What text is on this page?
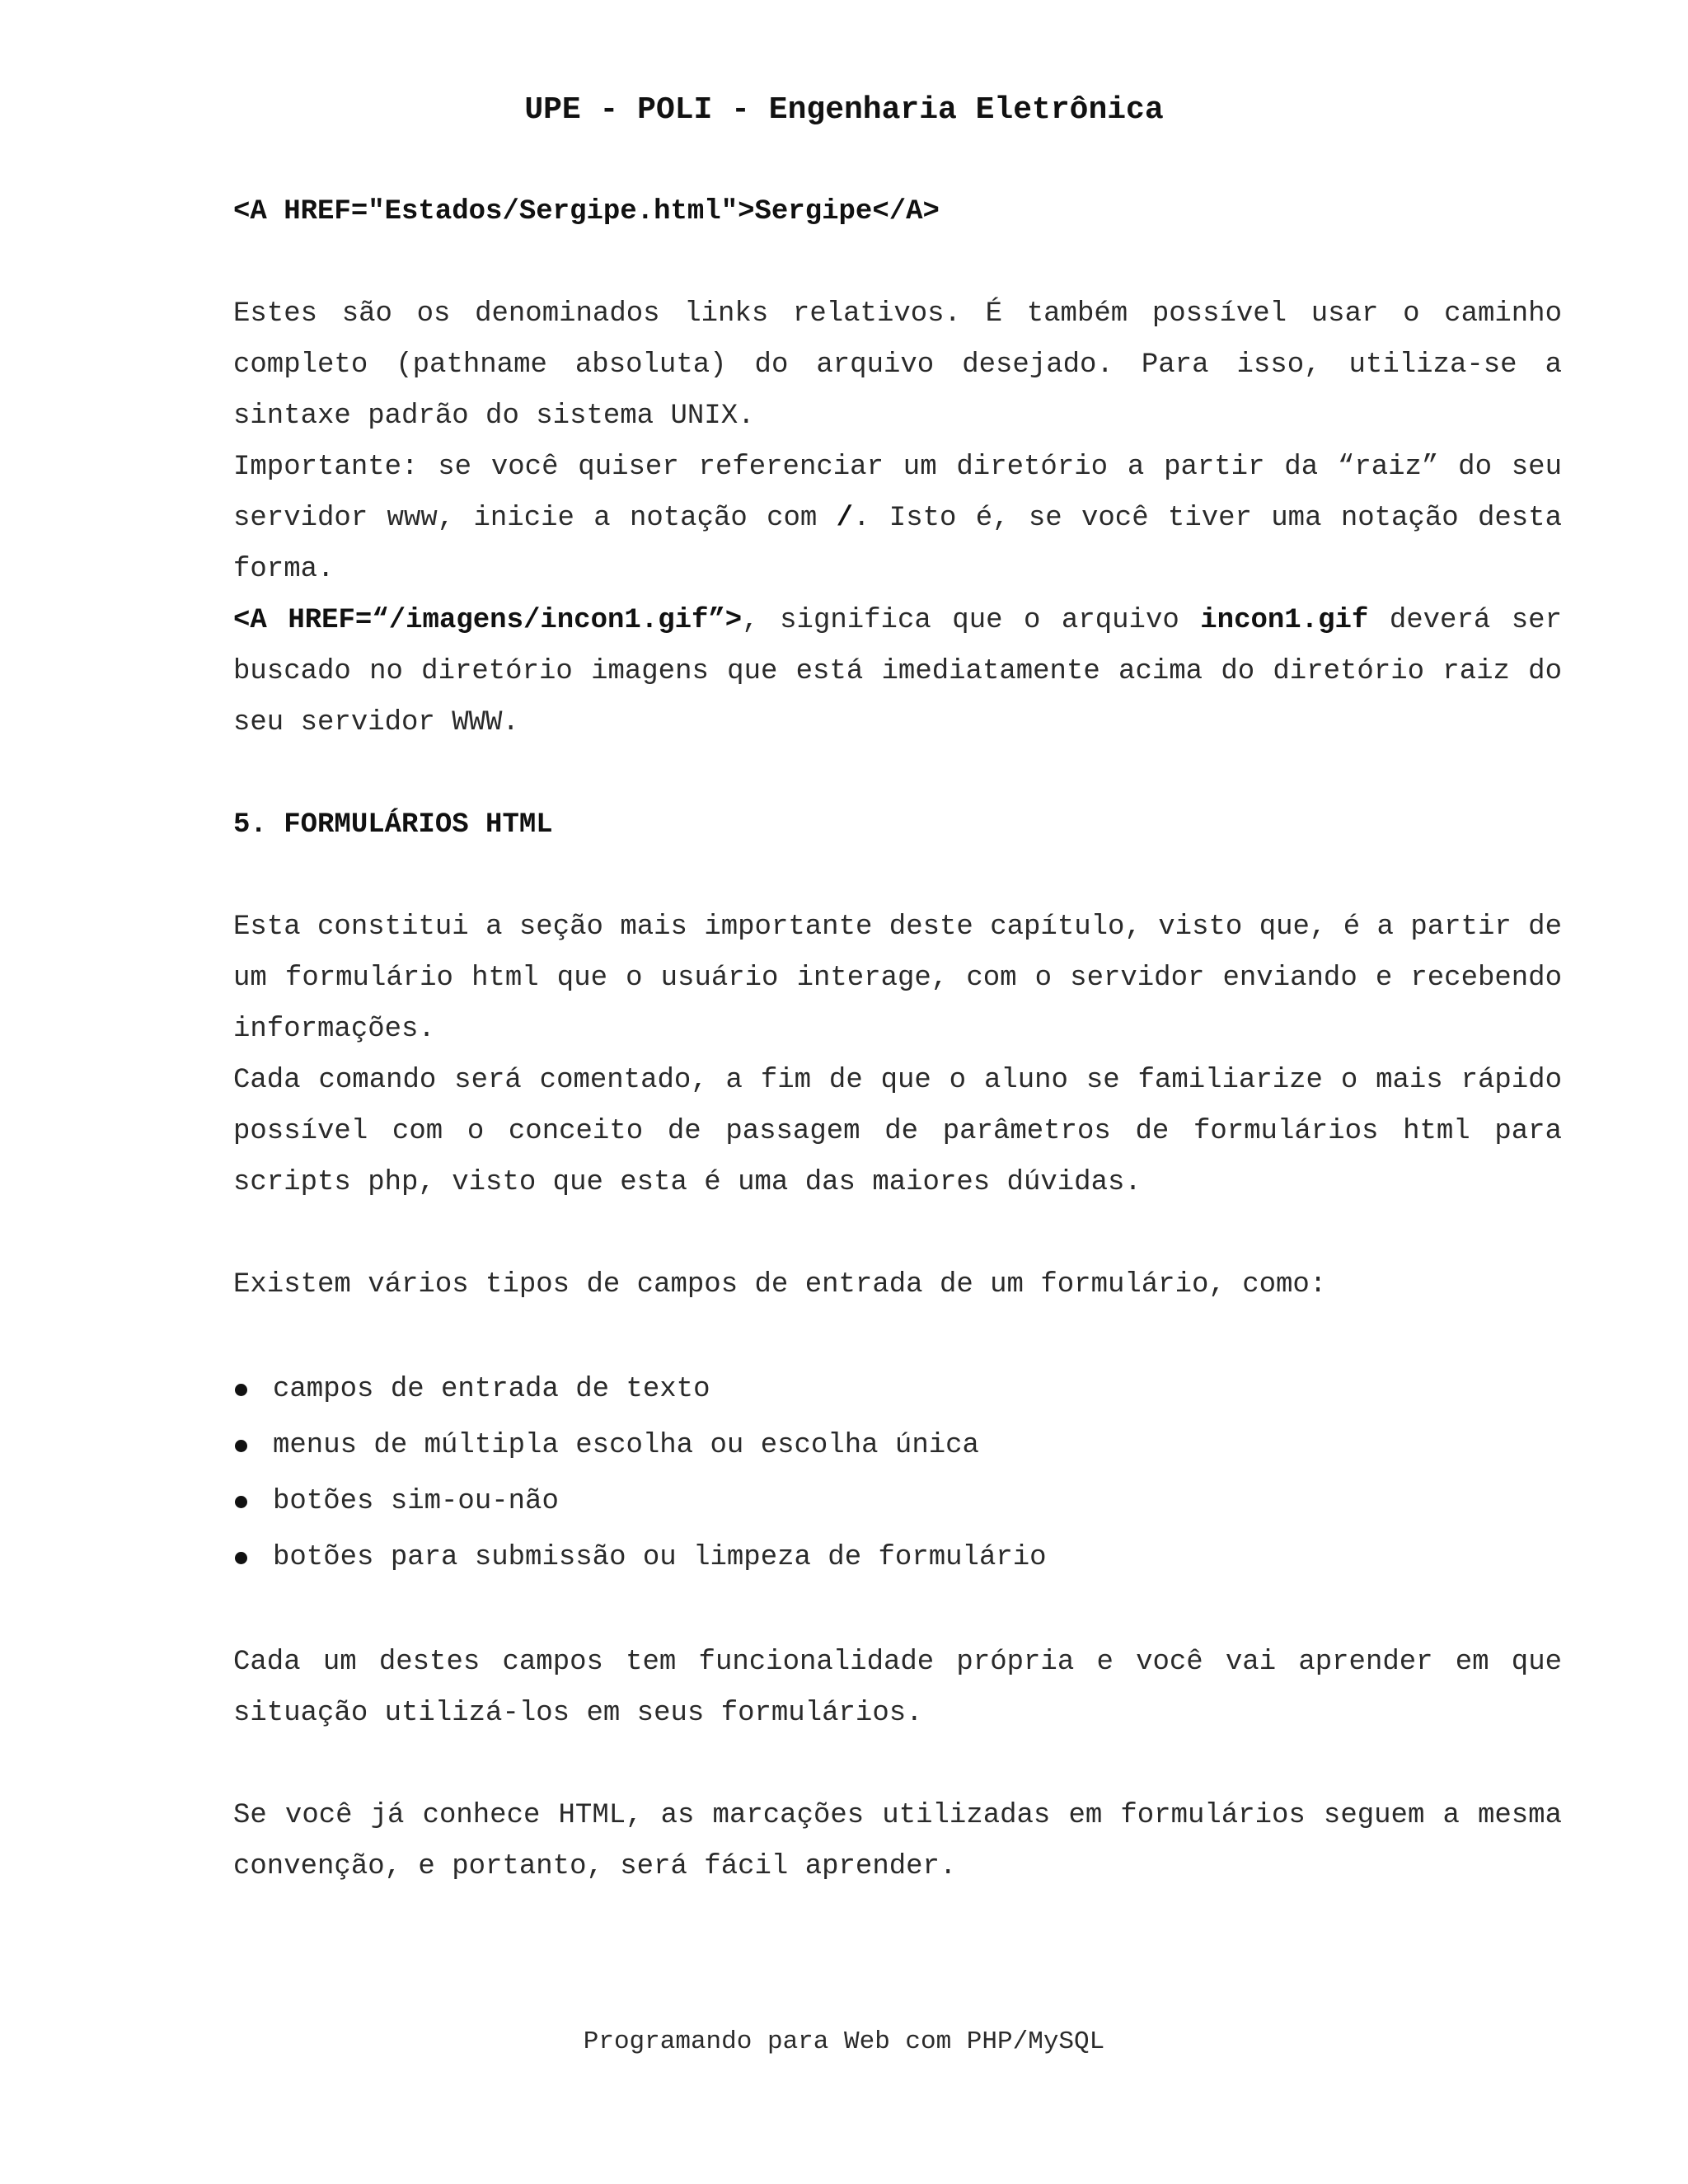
UPE - POLI - Engenharia Eletrônica

<A HREF="Estados/Sergipe.html">Sergipe</A>

Estes são os denominados links relativos. É também possível usar o caminho completo (pathname absoluta) do arquivo desejado. Para isso, utiliza-se a sintaxe padrão do sistema UNIX.

Importante: se você quiser referenciar um diretório a partir da “raiz” do seu servidor www, inicie a notação com /. Isto é, se você tiver uma notação desta forma.

<A HREF=“/imagens/incon1.gif”>, significa que o arquivo incon1.gif deverá ser buscado no diretório imagens que está imediatamente acima do diretório raiz do seu servidor WWW.

5. FORMULÁRIOS HTML

Esta constitui a seção mais importante deste capítulo, visto que, é a partir de um formulário html que o usuário interage, com o servidor enviando e recebendo informações.

Cada comando será comentado, a fim de que o aluno se familiarize o mais rápido possível com o conceito de passagem de parâmetros de formulários html para scripts php, visto que esta é uma das maiores dúvidas.

Existem vários tipos de campos de entrada de um formulário, como:

campos de entrada de texto
menus de múltipla escolha ou escolha única
botões sim-ou-não
botões para submissão ou limpeza de formulário

Cada um destes campos tem funcionalidade própria e você vai aprender em que situação utilizá-los em seus formulários.

Se você já conhece HTML, as marcações utilizadas em formulários seguem a mesma convenção, e portanto, será fácil aprender.

Programando para Web com PHP/MySQL
